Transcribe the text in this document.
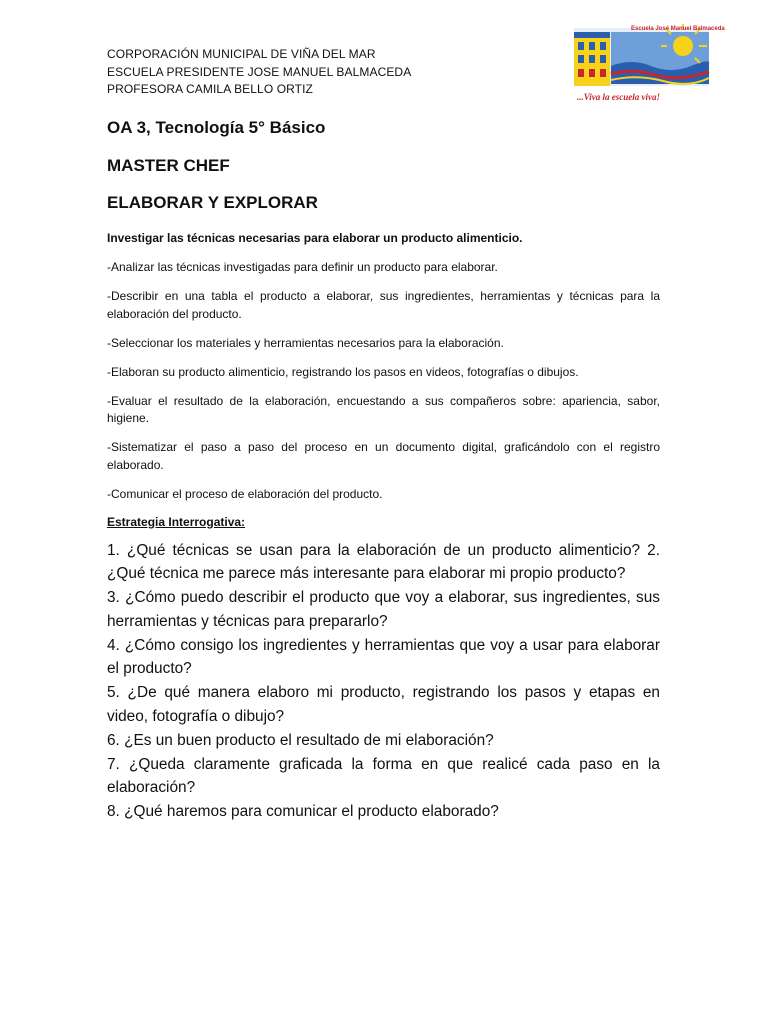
CORPORACIÓN MUNICIPAL DE VIÑA DEL MAR
ESCUELA PRESIDENTE JOSE MANUEL BALMACEDA
PROFESORA CAMILA BELLO ORTIZ
Escuela José Manuel Balmaceda
...Viva la escuela viva!
OA 3, Tecnología 5° Básico
MASTER CHEF
ELABORAR Y EXPLORAR

Investigar las técnicas necesarias para elaborar un producto alimenticio.

-Analizar las técnicas investigadas para definir un producto para elaborar.

-Describir en una tabla el producto a elaborar, sus ingredientes, herramientas y técnicas para la elaboración del producto.

-Seleccionar los materiales y herramientas necesarios para la elaboración.

-Elaboran su producto alimenticio, registrando los pasos en videos, fotografías o dibujos.

-Evaluar el resultado de la elaboración, encuestando a sus compañeros sobre: apariencia, sabor, higiene.

-Sistematizar el paso a paso del proceso en un documento digital, graficándolo con el registro elaborado.

-Comunicar el proceso de elaboración del producto.

Estrategia Interrogativa:

1. ¿Qué técnicas se usan para la elaboración de un producto alimenticio? 2. ¿Qué técnica me parece más interesante para elaborar mi propio producto?

3. ¿Cómo puedo describir el producto que voy a elaborar, sus ingredientes, sus herramientas y técnicas para prepararlo?

4. ¿Cómo consigo los ingredientes y herramientas que voy a usar para elaborar el producto?

5. ¿De qué manera elaboro mi producto, registrando los pasos y etapas en video, fotografía o dibujo?

6. ¿Es un buen producto el resultado de mi elaboración?

7. ¿Queda claramente graficada la forma en que realicé cada paso en la elaboración?

8. ¿Qué haremos para comunicar el producto elaborado?
